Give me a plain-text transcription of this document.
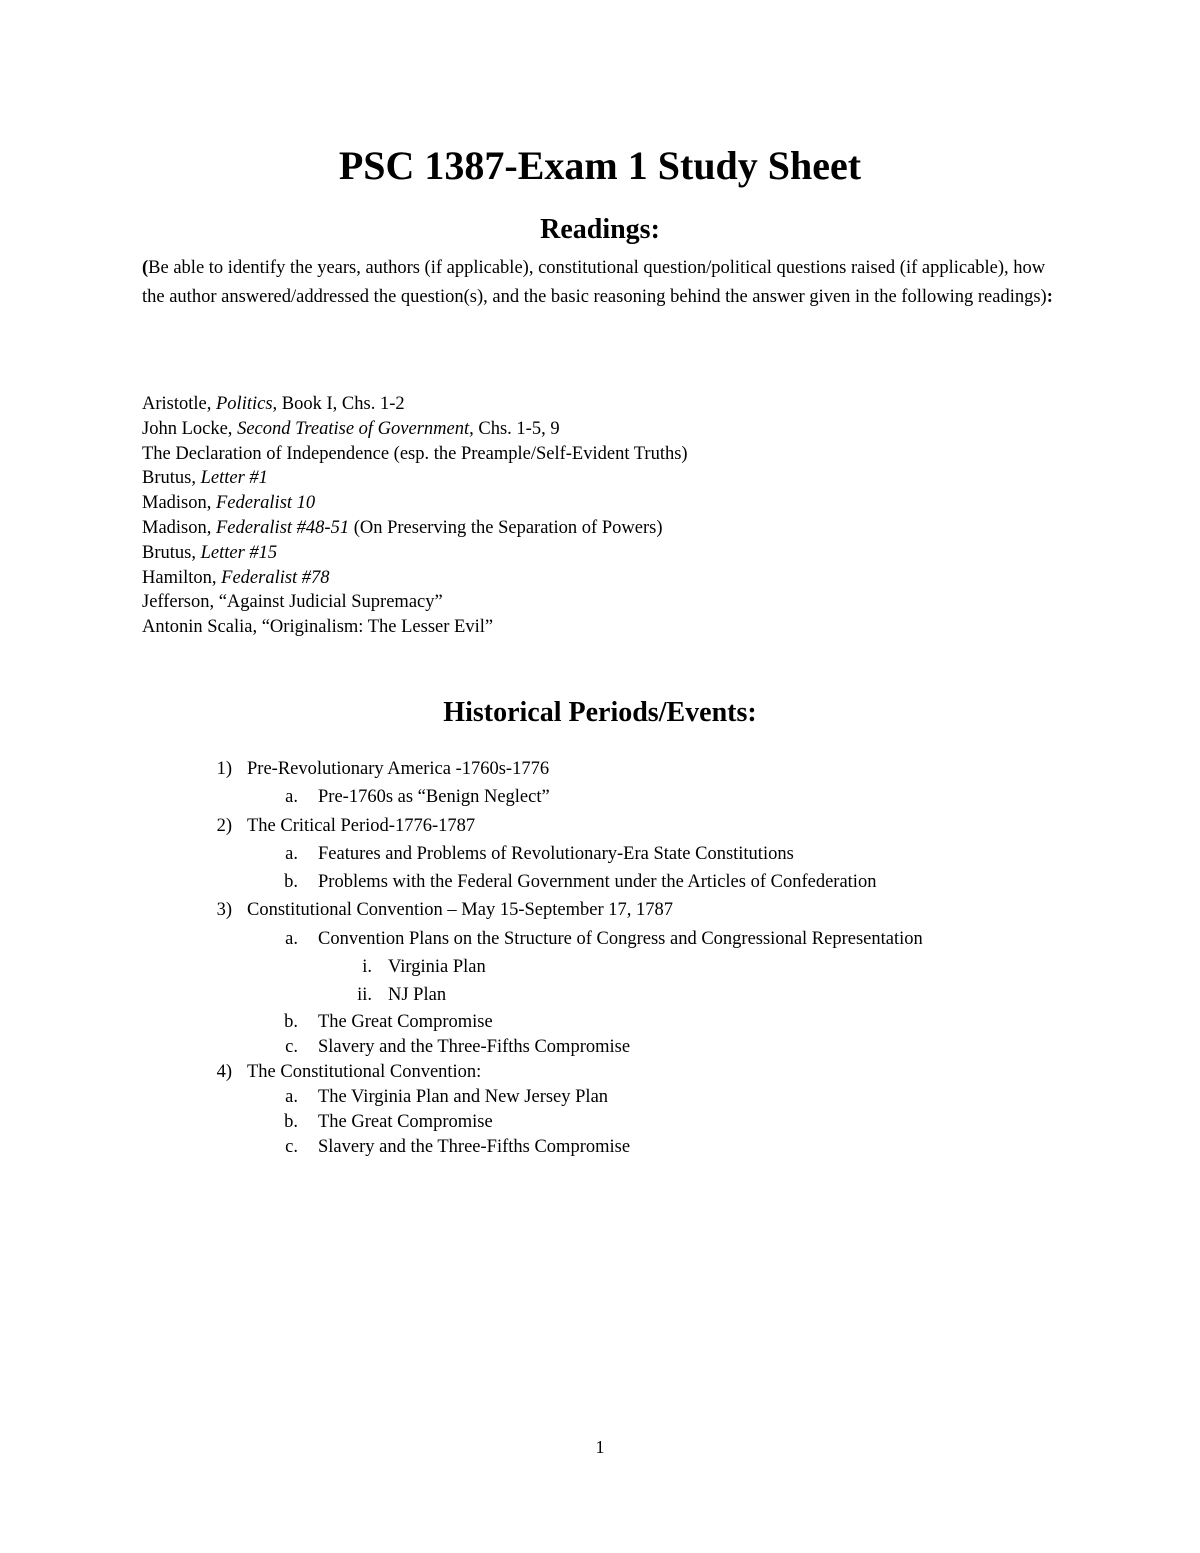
PSC 1387-Exam 1 Study Sheet
Readings:
(Be able to identify the years, authors (if applicable), constitutional question/political questions raised (if applicable), how the author answered/addressed the question(s), and the basic reasoning behind the answer given in the following readings):
Aristotle, Politics, Book I, Chs. 1-2
John Locke, Second Treatise of Government, Chs. 1-5, 9
The Declaration of Independence (esp. the Preample/Self-Evident Truths)
Brutus, Letter #1
Madison, Federalist 10
Madison, Federalist #48-51 (On Preserving the Separation of Powers)
Brutus, Letter #15
Hamilton, Federalist #78
Jefferson, “Against Judicial Supremacy”
Antonin Scalia, “Originalism: The Lesser Evil”
Historical Periods/Events:
1) Pre-Revolutionary America -1760s-1776
a. Pre-1760s as “Benign Neglect”
2) The Critical Period-1776-1787
a. Features and Problems of Revolutionary-Era State Constitutions
b. Problems with the Federal Government under the Articles of Confederation
3) Constitutional Convention – May 15-September 17, 1787
a. Convention Plans on the Structure of Congress and Congressional Representation
i. Virginia Plan
ii. NJ Plan
b. The Great Compromise
c. Slavery and the Three-Fifths Compromise
4) The Constitutional Convention:
a. The Virginia Plan and New Jersey Plan
b. The Great Compromise
c. Slavery and the Three-Fifths Compromise
1
